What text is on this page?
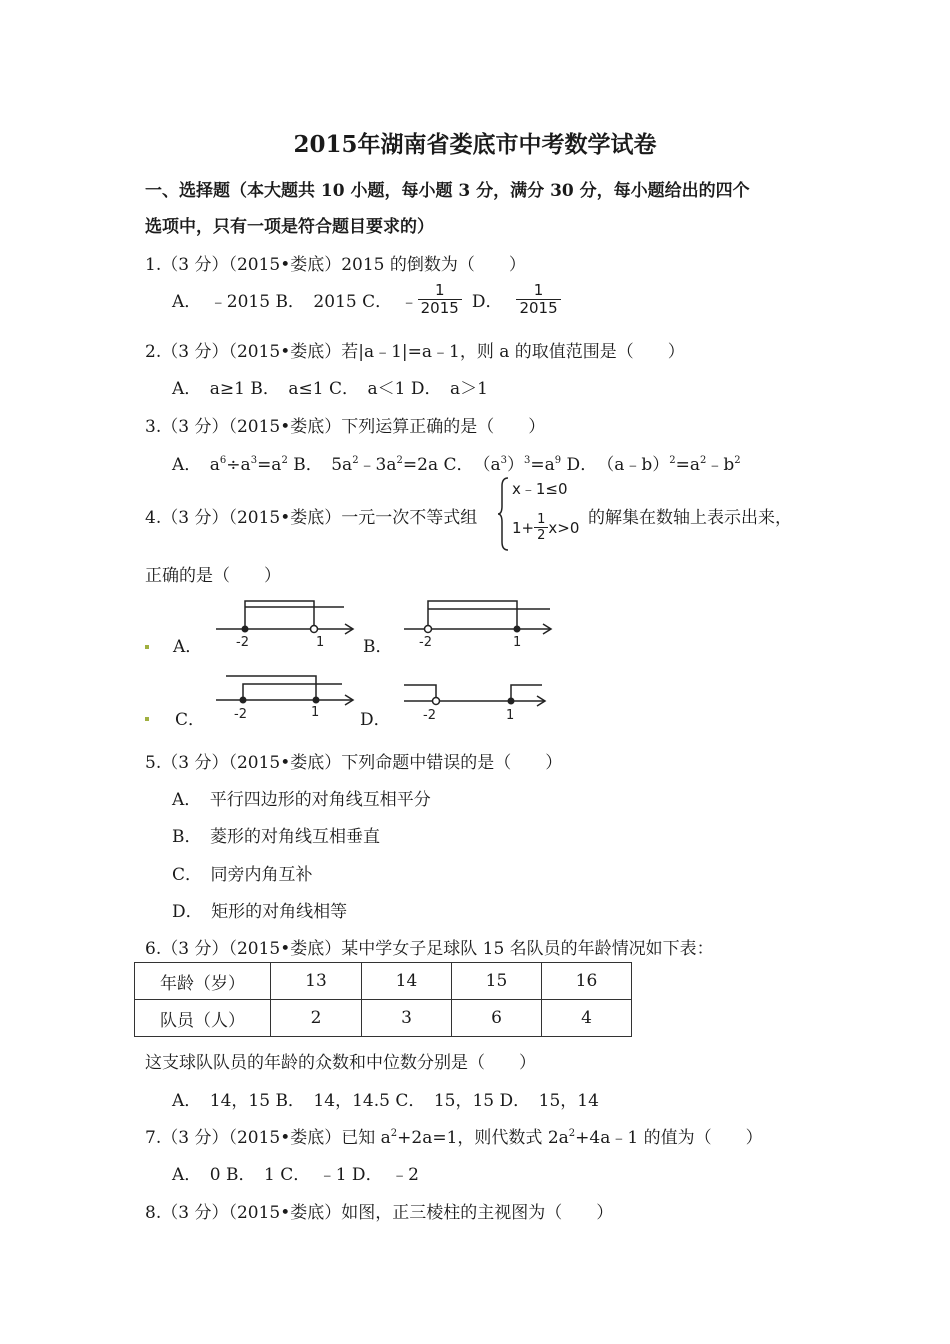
2015年湖南省娄底市中考数学试卷
一、选择题（本大题共 10 小题，每小题 3 分，满分 30 分，每小题给出的四个
选项中，只有一项是符合题目要求的）
1.（3 分）（2015•娄底）2015 的倒数为（　　）
A．　﹣2015 B．　2015 C．　﹣ $\frac{1}{2015}$ D． $\frac{1}{2015}$
2.（3 分）（2015•娄底）若|a﹣1|=a﹣1，则 a 的取值范围是（　　）
A．　a≥1 B．　a≤1 C．　a＜1 D．　a＞1
3.（3 分）（2015•娄底）下列运算正确的是（　　）
A．　$a^6\div a^3=a^2$ B．　$5a^2﹣3a^2=2a$ C．　$(a^3)^3=a^9$ D．　$(a﹣b)^2=a^2﹣b^2$
4.（3 分）（2015•娄底）一元一次不等式组
x﹣1≤0
$1+ \frac{1}{2} x>0$ 的解集在数轴上表示出来，
正确的是（　　）
A．	-2	1 B． -2	1
C． -2	1 D． -2	1
5.（3 分）（2015•娄底）下列命题中错误的是（　　）
A．　平行四边形的对角线互相平分
B．　菱形的对角线互相垂直
C．　同旁内角互补
D．　矩形的对角线相等
6.（3 分）（2015•娄底）某中学女子足球队 15 名队员的年龄情况如下表：
年龄（岁）	13	14	15	16
队员（人）	2	3	6	4
这支球队队员的年龄的众数和中位数分别是（　　）
A．　14，15 B．　14，14.5 C．　15，15 D．　15，14
7.（3 分）（2015•娄底）已知 $a^2+2a=1$，则代数式 $2a^2+4a﹣1$ 的值为（　　）
A．　0 B．　1 C．　﹣1 D．　﹣2
8.（3 分）（2015•娄底）如图，正三棱柱的主视图为（　　）
